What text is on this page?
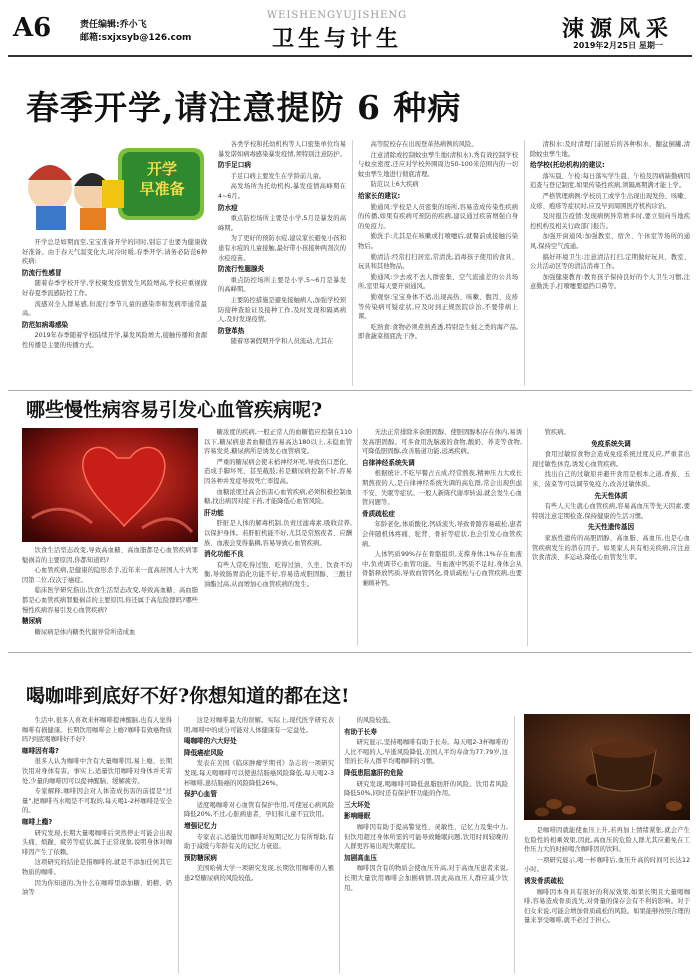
A6	责任编辑:乔小飞
邮箱:sxjxsyb@126.com
WEISHENGYUJISHENG
卫生与计生	涑源风采
2019年2月25日 星期一
春季开学,请注意提防 6 种病
开学
早准备

开学总是如期而至,宝宝准备开学的同时,别忘了也要为健康做好准备。由于春天气温变化大,时冷时暖,春季开学,请务必防范6种疾病:

防流行性感冒

随着春季学校开学,学校聚发疫情发生风险增高,学校应重视做好春夏季流感防控工作。

流感对全人群易感,但流行季节儿童的感染率和发病率通常最高。

防范如病毒感染

2019年春季随着学校陆续开学,暴发风险增大,接触传播和食源性传播是主要的传播方式。

各类学校和托幼机构等人口密集单位均易暴发诺如病毒感染暴发疫情,须特别注意防护。

防手足口病

手足口病主要发生在学龄前儿童。

高发场所为托幼机构,暴发疫情高峰期在4~6月。

防水痘

重点防控场所主要是小学,5月是暴发的高峰期。

为了更好的预防水痘,建议家长避免小孩和患有水痘的儿童接触,最好带小孩接种两剂次的水痘疫苗。

防流行性腮腺炎

重点防控场所主要是小学,5~6月是暴发的高峰期。

主要防控措施是避免接触病人,加强学校预防接种查验证及接种工作,及时发现和隔离病人,及时发现疫情。

防登革热

随着寒暑假期开学和人员流动,尤其在

高等院校存在出现登革热病例的风险。

注意清除或控制蚊虫孳生地(清积水),秀有效控制学校与蚊虫密度,还应对学校外围周边50-100米范围内的一切蚊虫孳生地进行彻底清理。

防范以上6大疾病

给家长的建议:

勤通风:学校是人员密集的场所,容易造成传染性疾病的传播,如果有疾病可预防的疾病,建议通过疾苗增强自身的免疫力。

勤洗手:尤其是在咳嗽或打喷嚏后,就餐前或接触污染物后。

勤清洁:经常打扫居室,常清洗,消毒孩子使用的食具、玩具和其他物品。

勤通风:少去或不去人群密集、空气流通差的公共场所,室里每天要开窗通风。

勤观察:宝宝身体不适,出现高热、咳嗽、腹泻、皮疹等传染病可疑症状,应及时到正规医院诊治,不要带病上课。

吃熟食:食物必须煮熟煮透,特别是生蚝之类的海产品,即食蔬菜彻底洗干净。

清积水:及时清理门前屋后的各种积水、翻盆倒罐,清除蚊虫孳生地。

给学校(托幼机构)的建议:

落实晨、午检:每日落实学生晨、午检及因病缺勤病因追查与登记制度,如果传染性疾病,须隔离期满才能上学。

严格管理病例:学校员工或学生出现出现发热、咳嗽、皮疹、疱疹等症状时,应及早到周围医疗机构诊治。

及时报告疫情:发现病例异常增多时,要立刻向当地疾控机构及相关行政部门报告。

加强开窗通风:加强教室、宿舍、午休室等场所的通风,保持空气流通。

搞好环境卫生:注意清洁打扫,定期做好玩具、教室、公共活动区等的清洁消毒工作。

加强健康教育:教育孩子保持良好的个人卫生习惯,注意勤洗手,打喷嚏要遮挡口鼻等。

哪些慢性病容易引发心血管疾病呢?

饮食生活型态改变,导致高血糖、高血脂都是心血管疾病罪魁祸首的主要原因,你都知道吗?

心血管疾病,是健康的隐形杀手,近年来一直高居国人十大死因第二位,仅次于癌症。

临床医学研究指出,饮食生活型态改变,导致高血糖、高血脂都是心血管疾病罪魁祸首的主要原因,你还属于高危险群吗?哪些慢性疾病容易引发心血管疾病?

糖尿病

糖尿病是体内糖类代谢异常所造成血

糖浓度的疾病,一般正常人的血糖值应控制在110以下,糖尿病患者血糖值容易高达180以上,未稳血管容易发炎,糖尿病所是诱发心血管病变。

严重的糖尿病会使末梢神经坏死,导致伤口恶化、造成手脚坏死、甚至截肢;若是糖尿病控制不好,容易因各种并发症导致死亡率提高。

血糖浓度过高会伤害心血管疾病,必须积极控制血糖,找出病因对症下药,才能降低心血管风险。

肝功能

肝脏是人体的解毒机制,负责过滤毒素,吸收营养,以保护身体。若肝脏机能不好,尤其是常熬夜者、应酬族、血液会变得黏稠,容易导致心血管疾病。

消化功能不良

有些人常吃得过饱、吃得过油、久坐、饮食不均衡,导致肠胃消化功能不好,容易造成胆固醇、三酸甘油酯过高,从而增加心血管疾病的发生。

无法正常排除多余胆固醇、使胆固醇积存在体内,易诱发高胆固醇。可多食用洗脑液的食物,酸奶、荞麦等食物,可降低胆固醇,改善肠道功能,远离疾病。

自律神经系统失调

根据统计,不吃早餐占五成,经常熬夜,精神压力大或长期熬夜的人,是自律神经系统失调的高危群,常会出现焦虑不安、失眠等症状。一般人新陈代谢率转弱,就会发生心血管问题等。

骨质疏松症

年龄老化,体质酸化,钙质流失,导致骨骼容易疏松,患者会伴随机体疼痛、驼背、骨折等症状,也会引发心血管疾病。

人体钙质99%存在骨骼组织,支撑身体;1%存在血液中,负责调节心血管功能。当血液中钙质不足时,身体会从骨骼释放钙质,导致血管钙化,骨质疏松与心血管疾病,也要兼顾补钙。

管疾病。

免疫系统失调

食用过敏原食物会造成免疫系统过度反应,严重者出现过敏性休克,诱发心血管疾病。

找出自己的过敏原并避开食用是根本之道,香蕉、玉米、菠菜等可以调节免疫力,改善过敏体质。

先天性体质

有些人天生就心血管疾病,容易高血压等先天因素,要特别注意定期检查,保持健康的生活习惯。

先天性遗传基因

家族性遗传的高胆固醇、高血脂、高血压,也是心血管疾病发生的潜在因子。如果家人具有相关疾病,应注意饮食清淡、多运动,降低心血管发生率。

喝咖啡到底好不好?你想知道的都在这!

生活中,很多人喜欢来杯咖啡提神醒脑,也有人觉得咖啡有损健康。长期饮用咖啡会上瘾?咖啡有致癌物质吗?到底喝咖啡好不好?

咖啡因有毒?

很多人认为咖啡中含有大量咖啡因,易上瘾、长期饮用对身体有害。事实上,适量饮用咖啡对身体并无害处,少量的咖啡因可以提神醒脑、缓解疲劳。

专家解释,咖啡因会对人体造成伤害的前提是"过量",把咖啡当水喝是不可取的,每天喝1-2杯咖啡是安全的。

咖啡上瘾?

研究发现,长期大量喝咖啡后突然停止可能会出现头痛、烦躁、疲劳等症状,属于正常现象,说明身体对咖啡因产生了依赖。

这项研究的结论是指咖啡的,就是不添加任何其它物质的咖啡。

因为你知道的,为什么在咖啡里添加糖、奶精、奶油等

这是对咖啡最大的误解。实际上,现代医学研究表明,咖啡中的成分可能对人体健康有一定益处。

喝咖啡的六大好处

降低癌症风险

发表在美国《临床肿瘤学期刊》杂志的一项研究发现,每天喝咖啡可以使患结肠癌风险降低,每天喝2-3杯咖啡,患结肠癌的风险降低26%。

保护心血管

适度喝咖啡对心血管有保护作用,可使冠心病风险降低20%,不过,心脏病患者、孕妇和儿童不宜饮用。

增强记忆力

专家表示,适量饮用咖啡对短期记忆力有所帮助,有助于减缓与年龄有关的记忆力衰退。

预防糖尿病

美国哈佛大学一项研究发现,长期饮用咖啡的人罹患2型糖尿病的风险较低。

的风险较低。

有助于长寿

研究显示,坚持喝咖啡有助于长寿。每天喝2-3杯咖啡的人比不喝的人,早逝风险降低,美国人平均寿命为77.79岁,这里的长寿人群平均喝咖啡的习惯。

降低患阻塞肝的危险

研究发现,喝咖啡可降低患脂肪肝的风险。饮用者风险降低50%,同时还有保护肝功能的作用。

三大坏处

影响睡眠

咖啡因有助于提高警觉性、灵敏性、记忆力及集中力,但饮用超过身体所需的可能导致睡眠问题,饮用时间较晚的人群更容易出现失眠症状。

加剧高血压

咖啡因含有的物质会使血压升高,对于高血压患者来说,长期大量饮用咖啡会加剧病情,因此高血压人群应减少饮用。

是咖啡因就能使血压上升,若再加上情绪紧张,就会产生危险性的相乘效果,因此,高血压的危险人群尤其应避免在工作压力大的时候喝含咖啡因的饮料。

一项研究显示,喝一杯咖啡后,血压升高的时间可长达12小时。

诱发骨质疏松

咖啡因本身具有很好的利尿效果,如果长期且大量喝咖啡,容易造成骨质流失,对骨量的保存会有不利的影响。对于妇女来说,可能会增加骨质疏松的风险。如果能够按照合理的量来享受咖啡,就不必过于担心。
